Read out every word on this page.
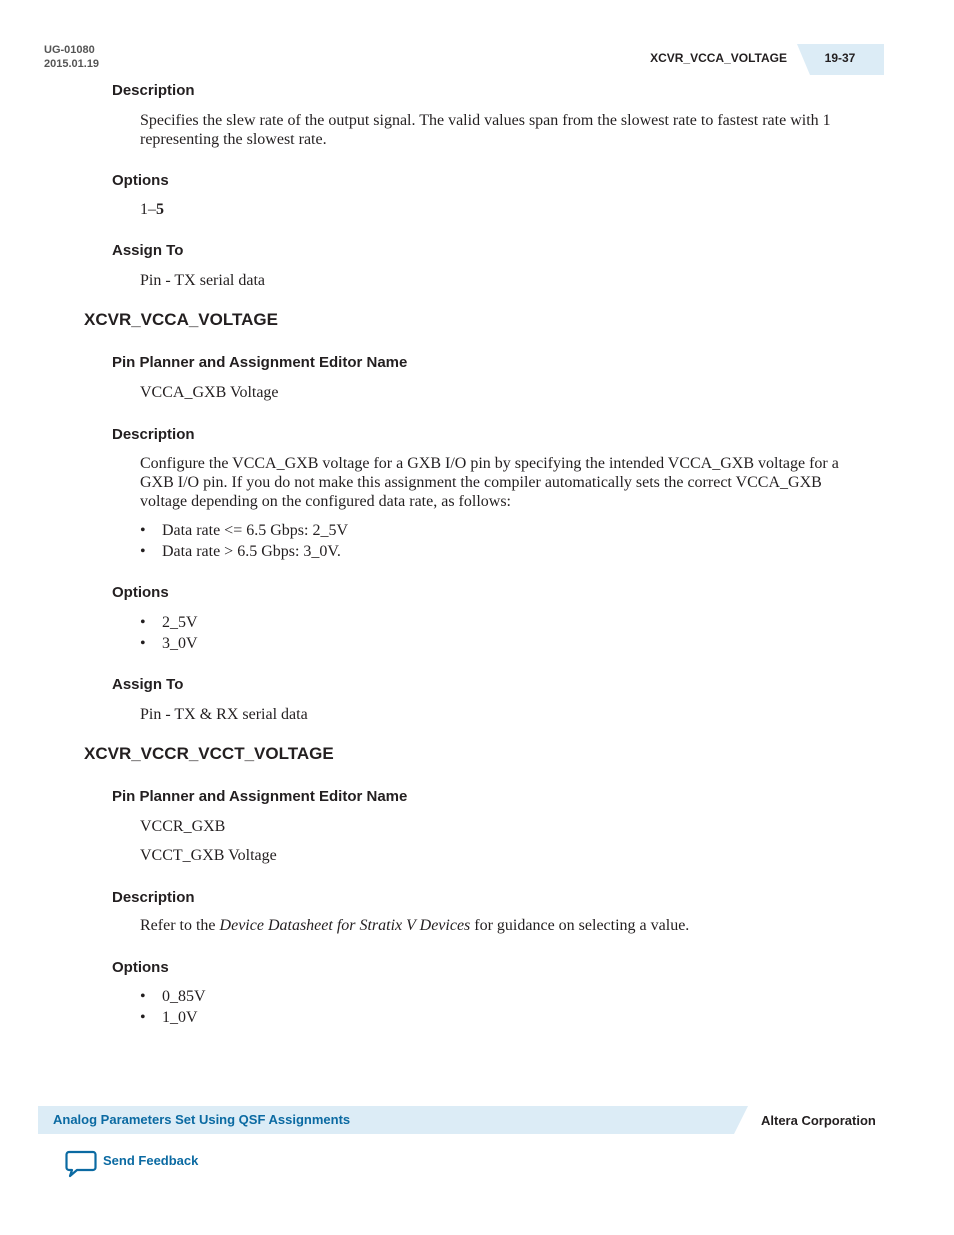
UG-01080
2015.01.19	XCVR_VCCA_VOLTAGE	19-37
Description
Specifies the slew rate of the output signal. The valid values span from the slowest rate to fastest rate with 1 representing the slowest rate.
Options
1–5
Assign To
Pin - TX serial data
XCVR_VCCA_VOLTAGE
Pin Planner and Assignment Editor Name
VCCA_GXB Voltage
Description
Configure the VCCA_GXB voltage for a GXB I/O pin by specifying the intended VCCA_GXB voltage for a GXB I/O pin. If you do not make this assignment the compiler automatically sets the correct VCCA_GXB voltage depending on the configured data rate, as follows:
• Data rate <= 6.5 Gbps: 2_5V
• Data rate > 6.5 Gbps: 3_0V.
Options
• 2_5V
• 3_0V
Assign To
Pin - TX & RX serial data
XCVR_VCCR_VCCT_VOLTAGE
Pin Planner and Assignment Editor Name
VCCR_GXB
VCCT_GXB Voltage
Description
Refer to the Device Datasheet for Stratix V Devices for guidance on selecting a value.
Options
• 0_85V
• 1_0V
Analog Parameters Set Using QSF Assignments	Altera Corporation
Send Feedback
